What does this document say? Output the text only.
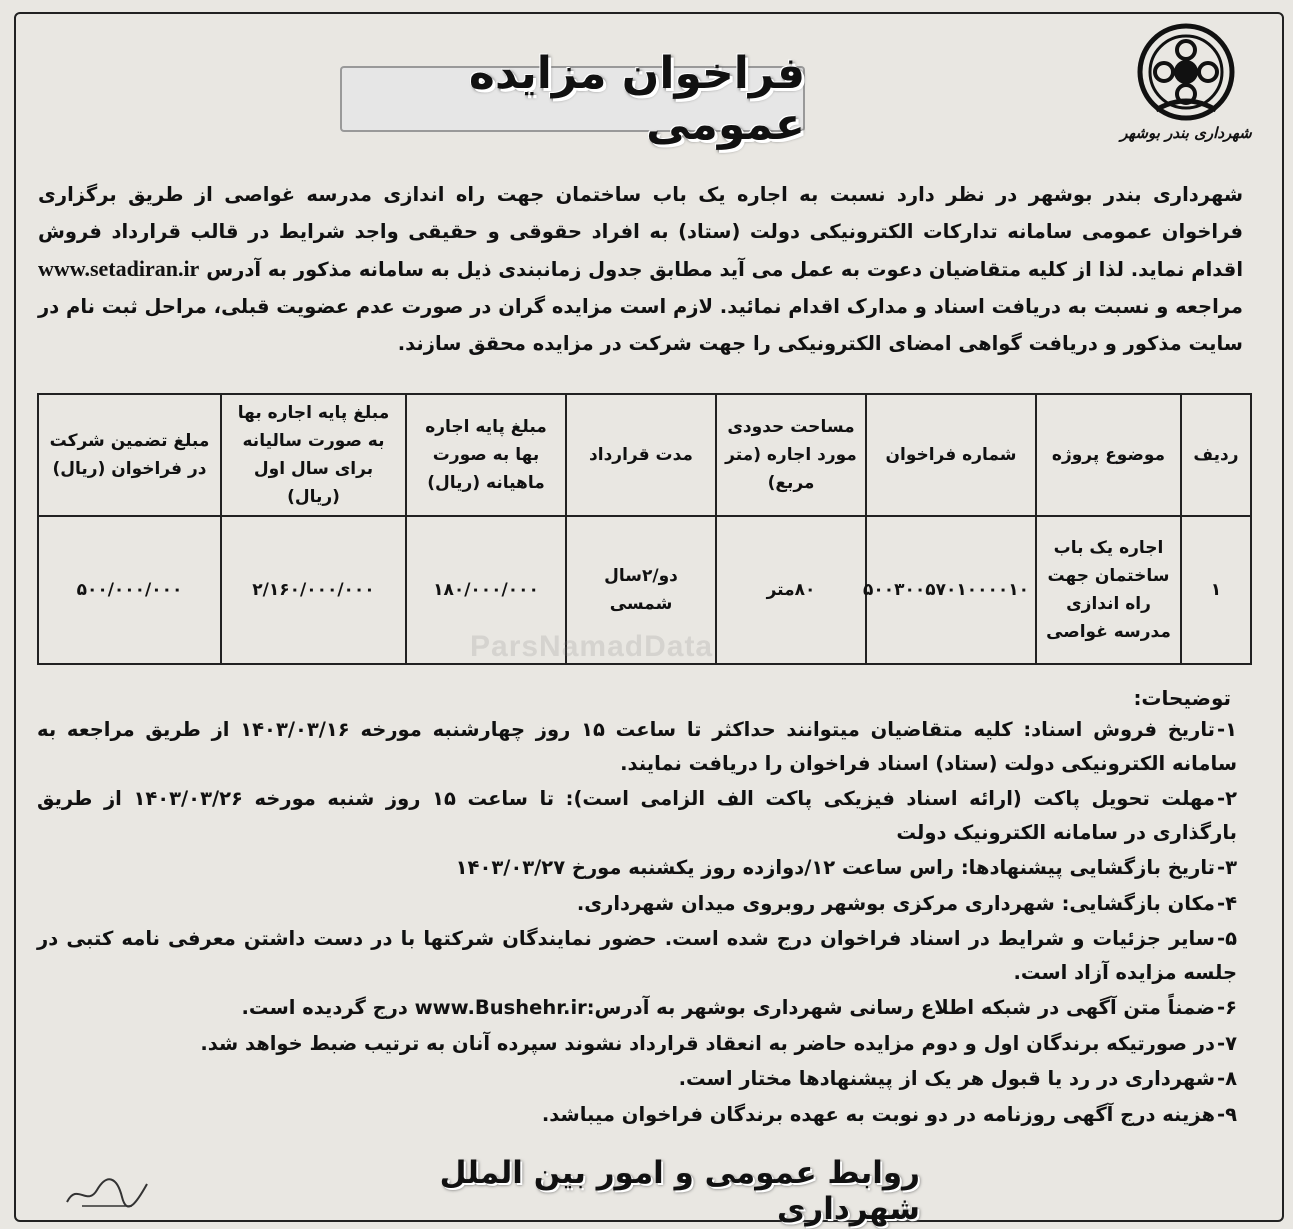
شهرداری بندر بوشهر
فراخوان مزایده عمومی
شهرداری بندر بوشهر در نظر دارد نسبت به اجاره یک باب ساختمان جهت راه اندازی مدرسه غواصی از طریق برگزاری فراخوان عمومی سامانه تدارکات الکترونیکی دولت (ستاد) به افراد حقوقی و حقیقی واجد شرایط در قالب قرارداد فروش اقدام نماید. لذا از کلیه متقاضیان دعوت به عمل می آید مطابق جدول زمانبندی ذیل به سامانه مذکور به آدرس www.setadiran.ir مراجعه و نسبت به دریافت اسناد و مدارک اقدام نمائید. لازم است مزایده گران در صورت عدم عضویت قبلی، مراحل ثبت نام در سایت مذکور و دریافت گواهی امضای الکترونیکی را جهت شرکت در مزایده محقق سازند.
ردیف	موضوع پروژه	شماره فراخوان	مساحت حدودی مورد اجاره (متر مربع)	مدت قرارداد	مبلغ پایه اجاره بها به صورت ماهیانه (ریال)	مبلغ پایه اجاره بها به صورت سالیانه برای سال اول (ریال)	مبلغ تضمین شرکت در فراخوان (ریال)
۱	اجاره یک باب ساختمان جهت راه اندازی مدرسه غواصی	۵۰۰۳۰۰۵۷۰۱۰۰۰۰۱۰	۸۰متر	دو/۲سال شمسی	۱۸۰/۰۰۰/۰۰۰	۲/۱۶۰/۰۰۰/۰۰۰	۵۰۰/۰۰۰/۰۰۰
ParsNamadData
توضیحات:
۱-تاریخ فروش اسناد: کلیه متقاضیان میتوانند حداکثر تا ساعت ۱۵ روز چهارشنبه مورخه ۱۴۰۳/۰۳/۱۶ از طریق مراجعه به سامانه الکترونیکی دولت (ستاد) اسناد فراخوان را دریافت نمایند.
۲-مهلت تحویل پاکت (ارائه اسناد فیزیکی پاکت الف الزامی است): تا ساعت ۱۵ روز شنبه مورخه ۱۴۰۳/۰۳/۲۶ از طریق بارگذاری در سامانه الکترونیک دولت
۳-تاریخ بازگشایی پیشنهادها: راس ساعت ۱۲/دوازده روز یکشنبه مورخ ۱۴۰۳/۰۳/۲۷
۴-مکان بازگشایی: شهرداری مرکزی بوشهر روبروی میدان شهرداری.
۵-سایر جزئیات و شرایط در اسناد فراخوان درج شده است. حضور نمایندگان شرکتها با در دست داشتن معرفی نامه کتبی در جلسه مزایده آزاد است.
۶-ضمناً متن آگهی در شبکه اطلاع رسانی شهرداری بوشهر به آدرس:www.Bushehr.ir درج گردیده است.
۷-در صورتیکه برندگان اول و دوم مزایده حاضر به انعقاد قرارداد نشوند سپرده آنان به ترتیب ضبط خواهد شد.
۸-شهرداری در رد یا قبول هر یک از پیشنهادها مختار است.
۹-هزینه درج آگهی روزنامه در دو نوبت به عهده برندگان فراخوان میباشد.
روابط عمومی و امور بین الملل شهرداری
